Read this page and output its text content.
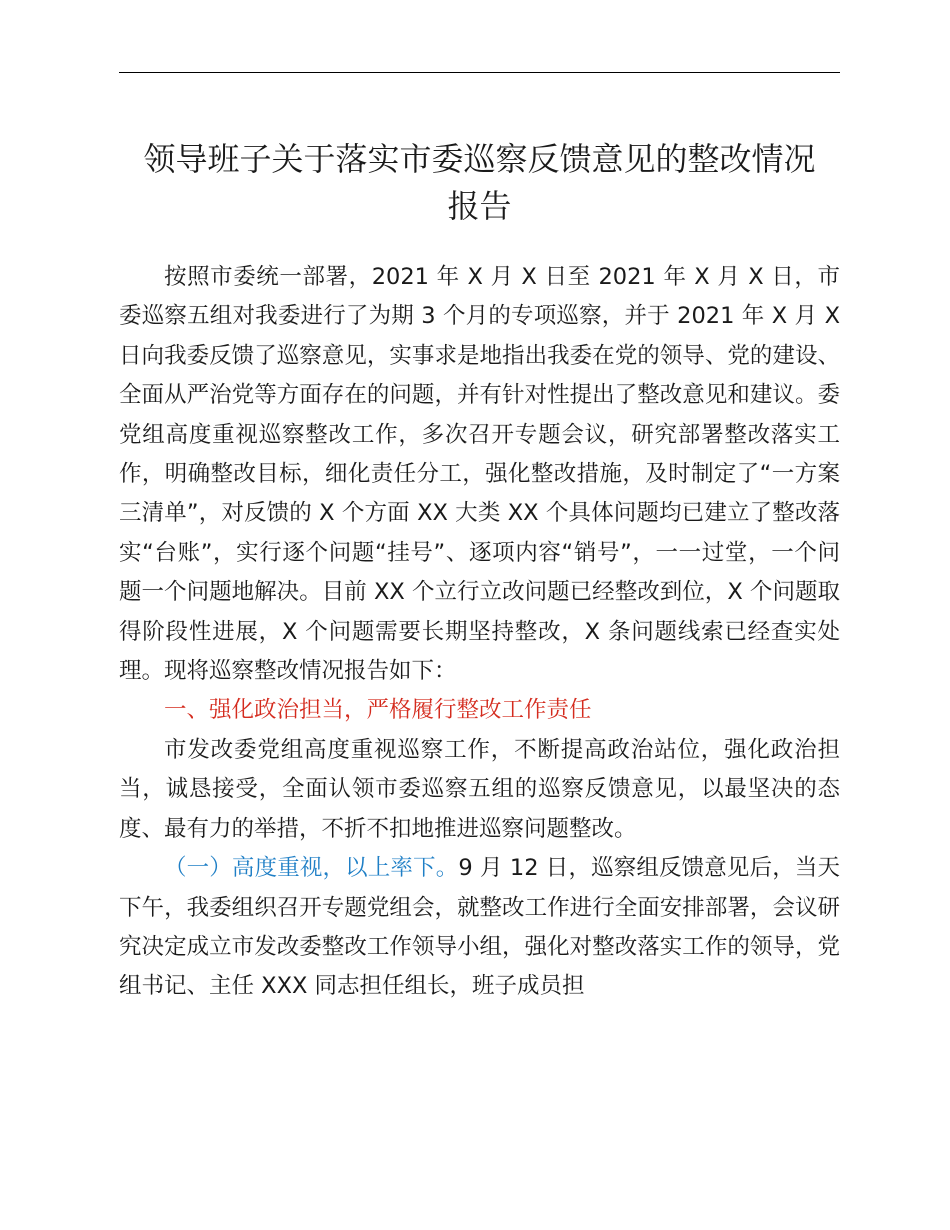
领导班子关于落实市委巡察反馈意见的整改情况
报告

按照市委统一部署，2021 年 X 月 X 日至 2021 年 X 月 X 日，市委巡察五组对我委进行了为期 3 个月的专项巡察，并于 2021 年 X 月 X 日向我委反馈了巡察意见，实事求是地指出我委在党的领导、党的建设、全面从严治党等方面存在的问题，并有针对性提出了整改意见和建议。委党组高度重视巡察整改工作，多次召开专题会议，研究部署整改落实工作，明确整改目标，细化责任分工，强化整改措施，及时制定了“一方案三清单”，对反馈的 X 个方面 XX 大类 XX 个具体问题均已建立了整改落实“台账”，实行逐个问题“挂号”、逐项内容“销号”，一一过堂，一个问题一个问题地解决。目前 XX 个立行立改问题已经整改到位，X 个问题取得阶段性进展，X 个问题需要长期坚持整改，X 条问题线索已经查实处理。现将巡察整改情况报告如下：

一、强化政治担当，严格履行整改工作责任

市发改委党组高度重视巡察工作，不断提高政治站位，强化政治担当，诚恳接受，全面认领市委巡察五组的巡察反馈意见，以最坚决的态度、最有力的举措，不折不扣地推进巡察问题整改。

（一）高度重视，以上率下。9 月 12 日，巡察组反馈意见后，当天下午，我委组织召开专题党组会，就整改工作进行全面安排部署，会议研究决定成立市发改委整改工作领导小组，强化对整改落实工作的领导，党组书记、主任 XXX 同志担任组长，班子成员担
